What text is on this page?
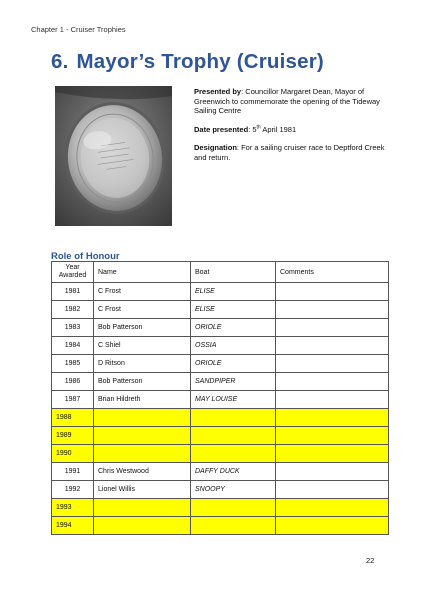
Chapter 1 - Cruiser Trophies
6. Mayor’s Trophy (Cruiser)

Presented by: Councillor Margaret Dean, Mayor of Greenwich to commemorate the opening of the Tideway Sailing Centre

Date presented: 5th April 1981

Designation: For a sailing cruiser race to Deptford Creek and return.

Role of Honour
Year Awarded	Name	Boat	Comments
1981	C Frost	ELISE	
1982	C Frost	ELISE	
1983	Bob Patterson	ORIOLE	
1984	C Shiel	OSSIA	
1985	D Ritson	ORIOLE	
1986	Bob Patterson	SANDPIPER	
1987	Brian Hildreth	MAY LOUISE	
1988			
1989			
1990			
1991	Chris Westwood	DAFFY DUCK	
1992	Lionel Willis	SNOOPY	
1993			
1994			
22
